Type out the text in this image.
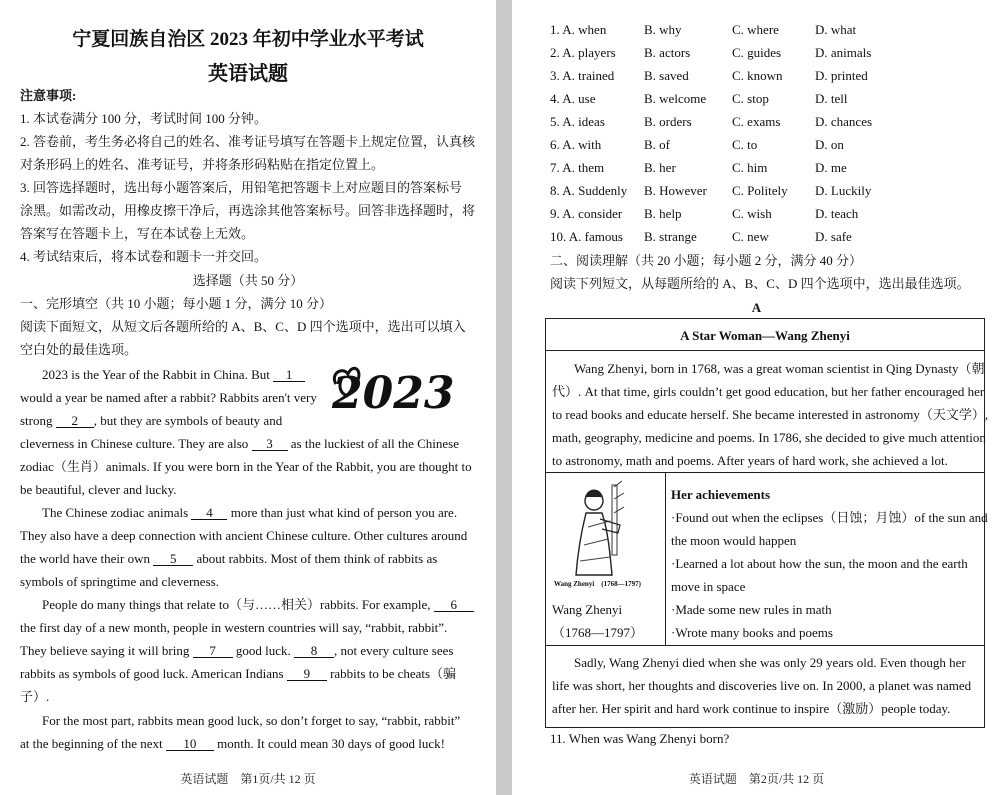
宁夏回族自治区 2023 年初中学业水平考试
英语试题
注意事项:
1. 本试卷满分 100 分，考试时间 100 分钟。
2. 答卷前，考生务必将自己的姓名、准考证号填写在答题卡上规定位置，认真核
对条形码上的姓名、准考证号，并将条形码粘贴在指定位置上。
3. 回答选择题时，选出每小题答案后，用铅笔把答题卡上对应题目的答案标号
涂黑。如需改动，用橡皮擦干净后，再选涂其他答案标号。回答非选择题时，将
答案写在答题卡上，写在本试卷上无效。
4. 考试结束后，将本试卷和题卡一并交回。
选择题（共 50 分）
一、完形填空（共 10 小题；每小题 1 分，满分 10 分）
阅读下面短文，从短文后各题所给的 A、B、C、D 四个选项中，选出可以填入
空白处的最佳选项。
2023
2023 is the Year of the Rabbit in China. But 1
would a year be named after a rabbit? Rabbits aren't very
strong 2 , but they are symbols of beauty and
cleverness in Chinese culture. They are also 3 as the luckiest of all the Chinese
zodiac（生肖）animals. If you were born in the Year of the Rabbit, you are thought to
be beautiful, clever and lucky.
The Chinese zodiac animals 4 more than just what kind of person you are.
They also have a deep connection with ancient Chinese culture. Other cultures around
the world have their own 5 about rabbits. Most of them think of rabbits as
symbols of springtime and cleverness.
People do many things that relate to（与……相关）rabbits. For example, 6
the first day of a new month, people in western countries will say, “rabbit, rabbit”.
They believe saying it will bring 7 good luck. 8 , not every culture sees
rabbits as symbols of good luck. American Indians 9 rabbits to be cheats（骗
子）.
For the most part, rabbits mean good luck, so don’t forget to say, “rabbit, rabbit”
at the beginning of the next 10 month. It could mean 30 days of good luck!
英语试题　第1页/共 12 页
1. A. when	B. why	C. where	D. what
2. A. players B. actors	C. guides	D. animals
3. A. trained B. saved	C. known D. printed
4. A. use	B. welcome C. stop	D. tell
5. A. ideas	B. orders	C. exams	D. chances
6. A. with	B. of	C. to	D. on
7. A. them	B. her	C. him	D. me
8. A. Suddenly B. However C. Politely D. Luckily
9. A. consider B. help	C. wish	D. teach
10. A. famous B. strange	C. new	D. safe
二、阅读理解（共 20 小题；每小题 2 分，满分 40 分）
阅读下列短文，从每题所给的 A、B、C、D 四个选项中，选出最佳选项。
A
A Star Woman—Wang Zhenyi
Wang Zhenyi, born in 1768, was a great woman scientist in Qing Dynasty（朝
代）. At that time, girls couldn’t get good education, but her father encouraged her
to read books and educate herself. She became interested in astronomy（天文学）,
math, geography, medicine and poems. In 1786, she decided to give much attention
to astronomy, math and poems. After years of hard work, she achieved a lot.
Wang Zhenyi　(1768—1797)
Wang Zhenyi
（1768—1797）
Her achievements
·Found out when the eclipses（日蚀；月蚀）of the sun and
the moon would happen
·Learned a lot about how the sun, the moon and the earth
move in space
·Made some new rules in math
·Wrote many books and poems
Sadly, Wang Zhenyi died when she was only 29 years old. Even though her
life was short, her thoughts and discoveries live on. In 2000, a planet was named
after her. Her spirit and hard work continue to inspire（激励）people today.
11. When was Wang Zhenyi born?
英语试题　第2页/共 12 页
